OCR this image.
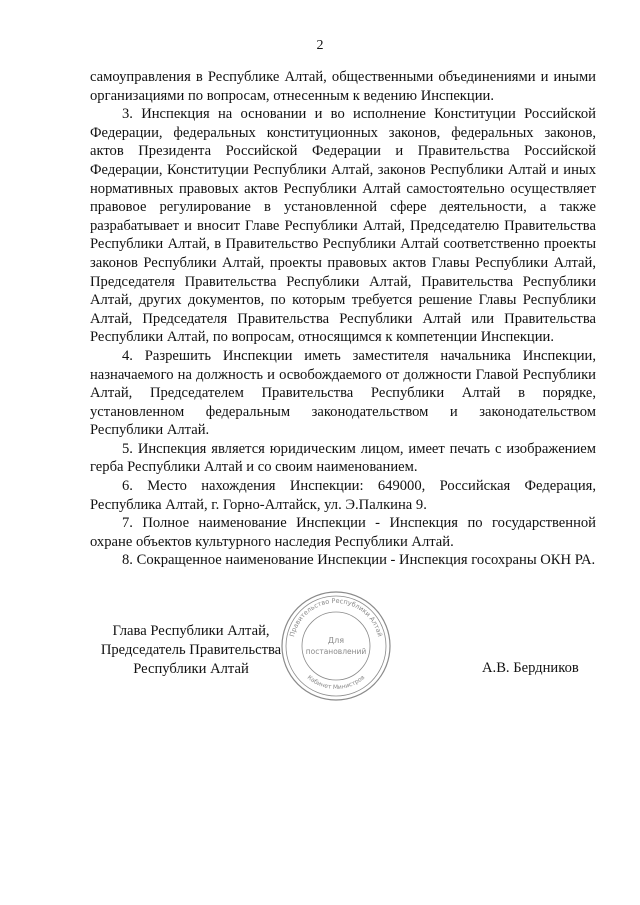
2

самоуправления в Республике Алтай, общественными объединениями и иными организациями по вопросам, отнесенным к ведению Инспекции.

3. Инспекция на основании и во исполнение Конституции Российской Федерации, федеральных конституционных законов, федеральных законов, актов Президента Российской Федерации и Правительства Российской Федерации, Конституции Республики Алтай, законов Республики Алтай и иных нормативных правовых актов Республики Алтай самостоятельно осуществляет правовое регулирование в установленной сфере деятельности, а также разрабатывает и вносит Главе Республики Алтай, Председателю Правительства Республики Алтай, в Правительство Республики Алтай соответственно проекты законов Республики Алтай, проекты правовых актов Главы Республики Алтай, Председателя Правительства Республики Алтай, Правительства Республики Алтай, других документов, по которым требуется решение Главы Республики Алтай, Председателя Правительства Республики Алтай или Правительства Республики Алтай, по вопросам, относящимся к компетенции Инспекции.

4. Разрешить Инспекции иметь заместителя начальника Инспекции, назначаемого на должность и освобождаемого от должности Главой Республики Алтай, Председателем Правительства Республики Алтай в порядке, установленном федеральным законодательством и законодательством Республики Алтай.

5. Инспекция является юридическим лицом, имеет печать с изображением герба Республики Алтай и со своим наименованием.

6. Место нахождения Инспекции: 649000, Российская Федерация, Республика Алтай, г. Горно-Алтайск, ул. Э.Палкина 9.

7. Полное наименование Инспекции - Инспекция по государственной охране объектов культурного наследия Республики Алтай.

8. Сокращенное наименование Инспекции - Инспекция госохраны ОКН РА.

Глава Республики Алтай,
Председатель Правительства
Республики Алтай	А.В. Бердников
Правительство Республики Алтай
Кабинет Министров
Для
постановлений
